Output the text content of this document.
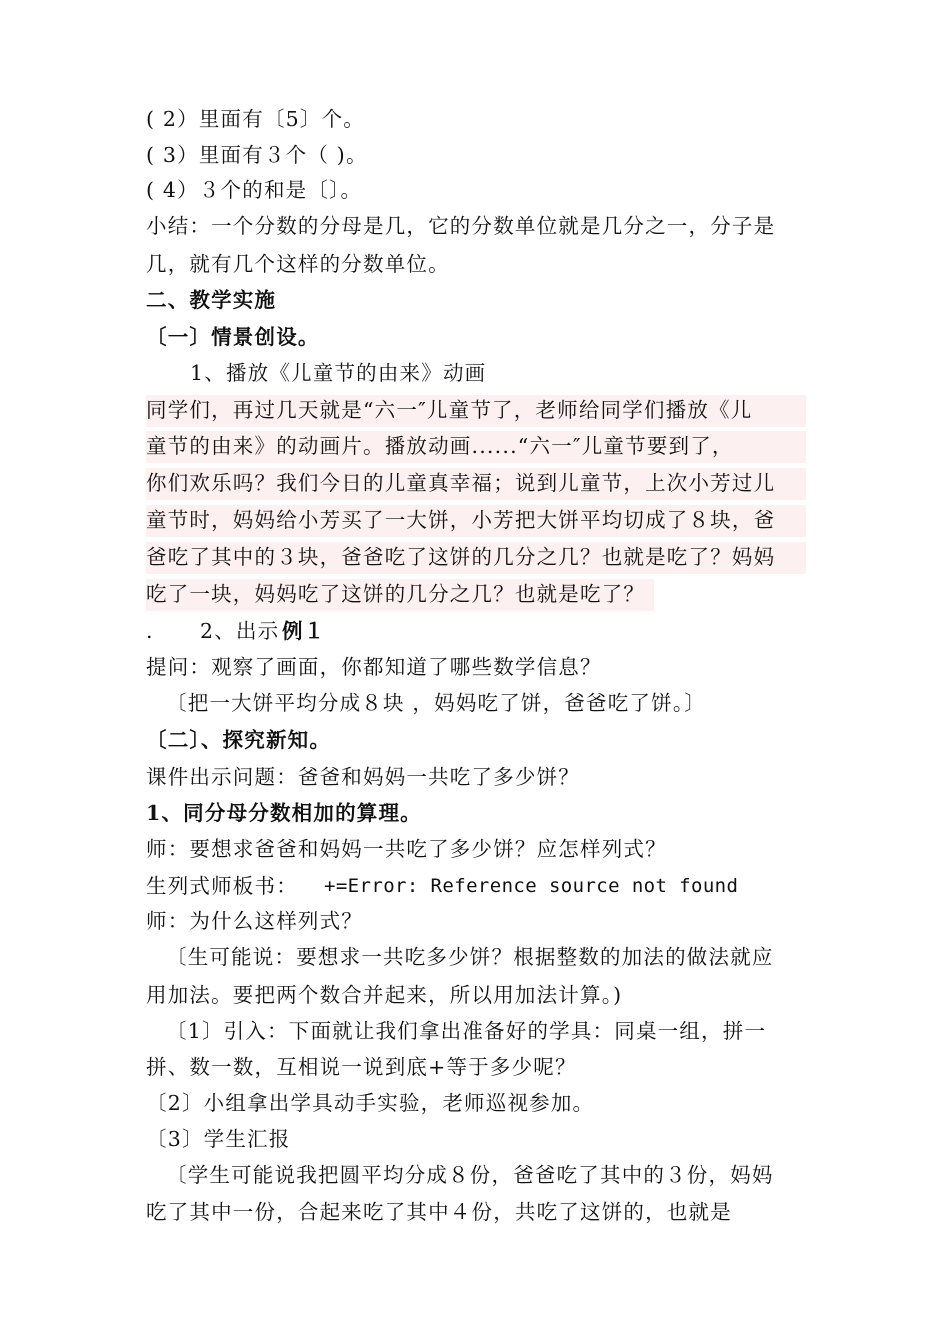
( 2）里面有〔5〕个。
( 3）里面有３个（ )。
( 4）３个的和是〔〕。
小结：一个分数的分母是几，它的分数单位就是几分之一，分子是
几，就有几个这样的分数单位。
二、教学实施
〔一〕情景创设。
1、播放《儿童节的由来》动画
同学们，再过几天就是“六一″儿童节了，老师给同学们播放《儿
童节的由来》的动画片。播放动画......“六一″儿童节要到了，
你们欢乐吗？我们今日的儿童真幸福；说到儿童节，上次小芳过儿
童节时，妈妈给小芳买了一大饼，小芳把大饼平均切成了８块，爸
爸吃了其中的３块，爸爸吃了这饼的几分之几？也就是吃了？妈妈
吃了一块，妈妈吃了这饼的几分之几？也就是吃了？
.      2、出示 例１
提问：观察了画面，你都知道了哪些数学信息？
〔把一大饼平均分成８块 ，妈妈吃了饼，爸爸吃了饼。〕
〔二〕、探究新知。
课件出示问题：爸爸和妈妈一共吃了多少饼？
1、同分母分数相加的算理。
师：要想求爸爸和妈妈一共吃了多少饼？应怎样列式？
生列式师板书：	+=Error: Reference source not found
师：为什么这样列式？
〔生可能说：要想求一共吃多少饼？根据整数的加法的做法就应
用加法。要把两个数合并起来，所以用加法计算。)
〔1〕引入：下面就让我们拿出准备好的学具：同桌一组，拼一
拼、数一数，互相说一说到底+等于多少呢？
〔2〕小组拿出学具动手实验，老师巡视参加。
〔3〕学生汇报
〔学生可能说我把圆平均分成８份，爸爸吃了其中的３份，妈妈
吃了其中一份，合起来吃了其中４份，共吃了这饼的，也就是
